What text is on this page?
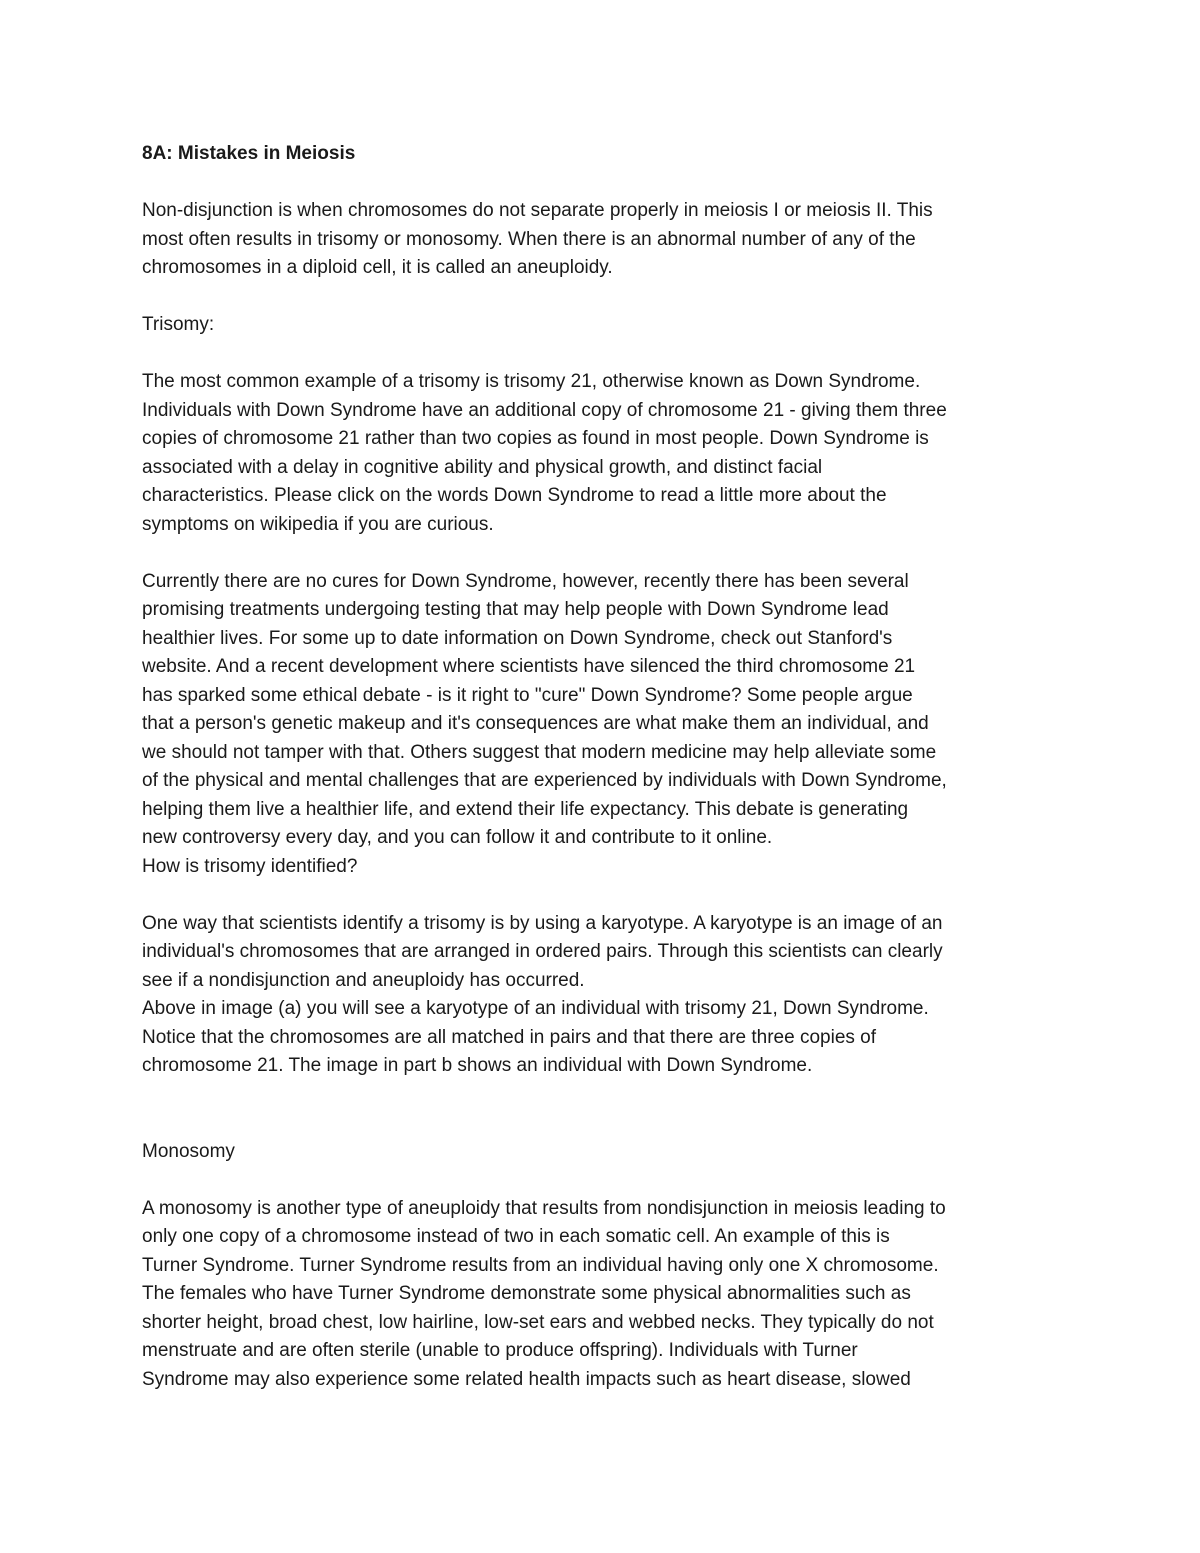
8A: Mistakes in Meiosis
Non-disjunction is when chromosomes do not separate properly in meiosis I or meiosis II. This
most often results in trisomy or monosomy. When there is an abnormal number of any of the
chromosomes in a diploid cell, it is called an aneuploidy.
Trisomy:
The most common example of a trisomy is trisomy 21, otherwise known as Down Syndrome.
Individuals with Down Syndrome have an additional copy of chromosome 21 - giving them three
copies of chromosome 21 rather than two copies as found in most people. Down Syndrome is
associated with a delay in cognitive ability and physical growth, and distinct facial
characteristics. Please click on the words Down Syndrome to read a little more about the
symptoms on wikipedia if you are curious.
Currently there are no cures for Down Syndrome, however, recently there has been several
promising treatments undergoing testing that may help people with Down Syndrome lead
healthier lives. For some up to date information on Down Syndrome, check out Stanford's
website. And a recent development where scientists have silenced the third chromosome 21
has sparked some ethical debate - is it right to "cure" Down Syndrome? Some people argue
that a person's genetic makeup and it's consequences are what make them an individual, and
we should not tamper with that. Others suggest that modern medicine may help alleviate some
of the physical and mental challenges that are experienced by individuals with Down Syndrome,
helping them live a healthier life, and extend their life expectancy. This debate is generating
new controversy every day, and you can follow it and contribute to it online.
How is trisomy identified?
One way that scientists identify a trisomy is by using a karyotype. A karyotype is an image of an
individual's chromosomes that are arranged in ordered pairs. Through this scientists can clearly
see if a nondisjunction and aneuploidy has occurred.
Above in image (a) you will see a karyotype of an individual with trisomy 21, Down Syndrome.
Notice that the chromosomes are all matched in pairs and that there are three copies of
chromosome 21. The image in part b shows an individual with Down Syndrome.
Monosomy
A monosomy is another type of aneuploidy that results from nondisjunction in meiosis leading to
only one copy of a chromosome instead of two in each somatic cell. An example of this is
Turner Syndrome. Turner Syndrome results from an individual having only one X chromosome.
The females who have Turner Syndrome demonstrate some physical abnormalities such as
shorter height, broad chest, low hairline, low-set ears and webbed necks. They typically do not
menstruate and are often sterile (unable to produce offspring). Individuals with Turner
Syndrome may also experience some related health impacts such as heart disease, slowed
